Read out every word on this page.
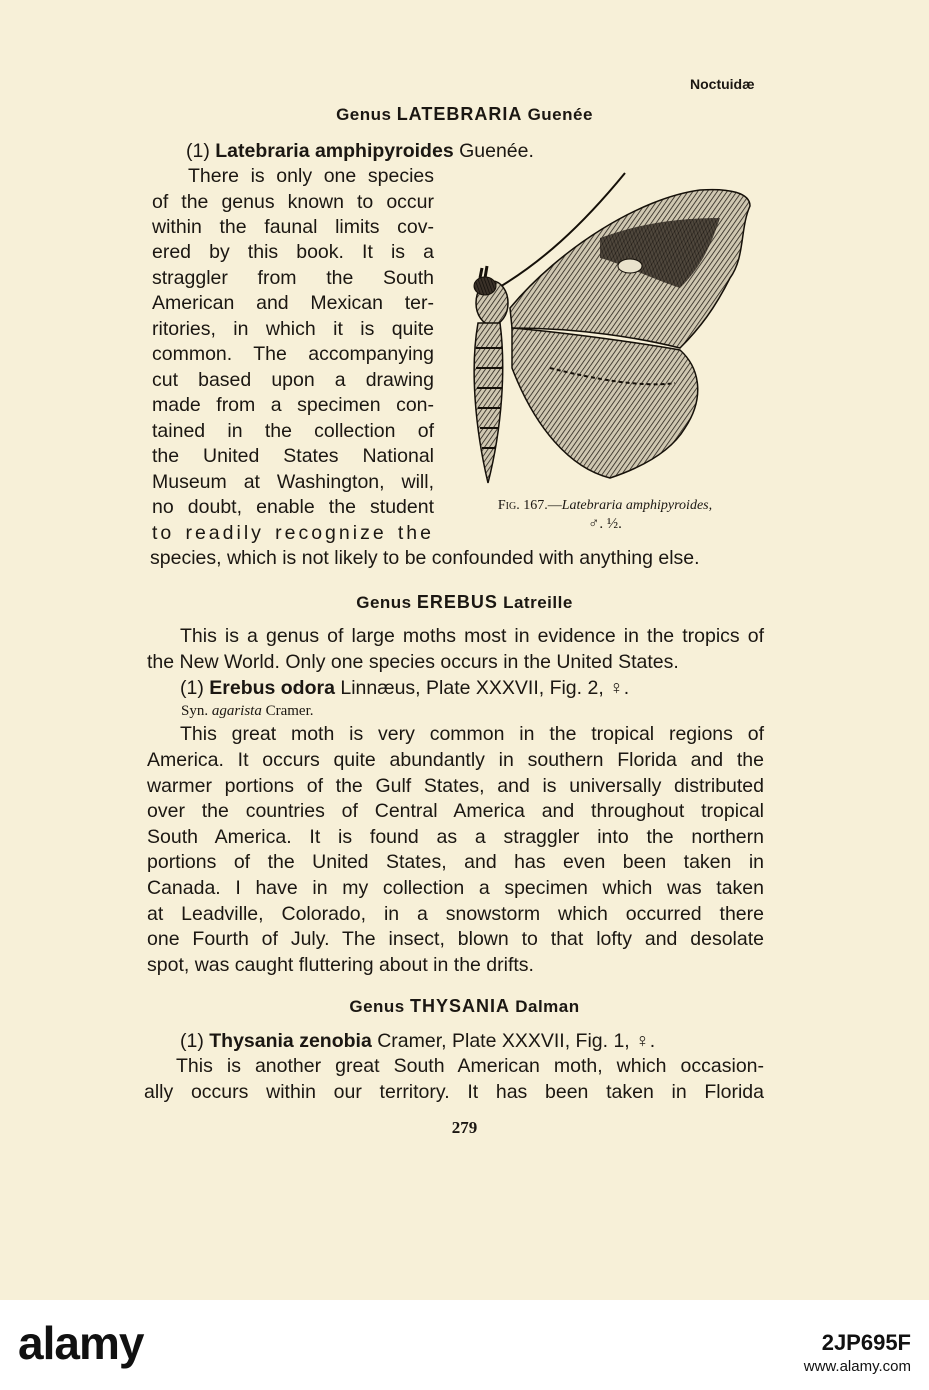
Noctuidæ
Genus LATEBRARIA Guenée
(1) Latebraria amphipyroides Guenée.
There is only one species
of the genus known to occur
within the faunal limits cov-
ered by this book. It is a
straggler from the South
American and Mexican ter-
ritories, in which it is quite
common. The accompanying
cut based upon a drawing
made from a specimen con-
tained in the collection of
the United States National
Museum at Washington, will,
no doubt, enable the student
to readily recognize the
species, which is not likely to be confounded with anything else.
Fig. 167.—Latebraria amphipyroides,
♂. ½.
Genus EREBUS Latreille
This is a genus of large moths most in evidence in the tropics of
the New World. Only one species occurs in the United States.
(1) Erebus odora Linnæus, Plate XXXVII, Fig. 2, ♀.
Syn. agarista Cramer.
This great moth is very common in the tropical regions of
America. It occurs quite abundantly in southern Florida and the
warmer portions of the Gulf States, and is universally distributed
over the countries of Central America and throughout tropical
South America. It is found as a straggler into the northern
portions of the United States, and has even been taken in
Canada. I have in my collection a specimen which was taken
at Leadville, Colorado, in a snowstorm which occurred there
one Fourth of July. The insect, blown to that lofty and desolate
spot, was caught fluttering about in the drifts.
Genus THYSANIA Dalman
(1) Thysania zenobia Cramer, Plate XXXVII, Fig. 1, ♀.
This is another great South American moth, which occasion-
ally occurs within our territory. It has been taken in Florida
279
alamy	2JP695F
www.alamy.com
